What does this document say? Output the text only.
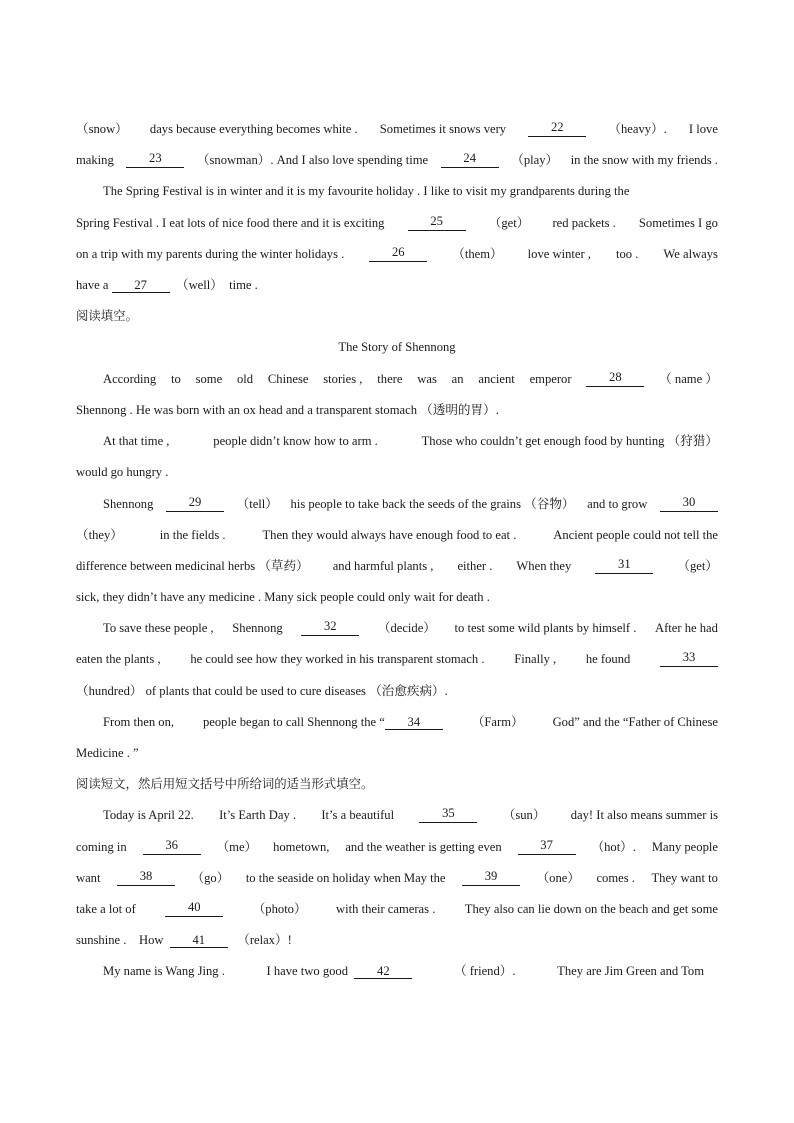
（snow） days because everything becomes white . Sometimes it snows very	22	（heavy）. I love
making	23	（snowman）. And I also love spending time	24	（play） in the snow with my friends .
The Spring Festival is in winter and it is my favourite holiday . I like to visit my grandparents during the
Spring Festival . I eat lots of nice food there and it is exciting	25	（get） red packets . Sometimes I go
on a trip with my parents during the winter holidays .	26	（them） love winter , too . We always
have a 27 （well） time .
阅读填空。
The Story of Shennong
According to some old Chinese stories , there was an ancient emperor	28	（ name ）
Shennong . He was born with an ox head and a transparent stomach （透明的胃）.
At that time ,	people didn’t know how to arm .	Those who couldn’t get enough food by hunting （狩猎）
would go hungry .
Shennong	29	（tell） his people to take back the seeds of the grains （谷物） and to grow	30
（they）	in the fields .	Then they would always have enough food to eat .	Ancient people could not tell the
difference between medicinal herbs （草药） and harmful plants , either . When they	31	（get）
sick, they didn’t have any medicine . Many sick people could only wait for death .
To save these people , Shennong	32	（decide） to test some wild plants by himself . After he had
eaten the plants , he could see how they worked in his transparent stomach . Finally , he found	33
（hundred） of plants that could be used to cure diseases （治愈疾病）.
From then on, people began to call Shennong the “ 34	（Farm） God” and the “Father of Chinese
Medicine . ”
阅读短文，然后用短文括号中所给词的适当形式填空。
Today is April 22. It’s Earth Day . It’s a beautiful	35	（sun） day! It also means summer is
coming in	36	（me） hometown, and the weather is getting even	37	（hot）. Many people
want	38	（go） to the seaside on holiday when May the	39	（one） comes . They want to
take a lot of	40	（photo） with their cameras . They also can lie down on the beach and get some
sunshine . How 41	（relax）!
My name is Wang Jing .	I have two good 42	（ friend）.	They are Jim Green and Tom
